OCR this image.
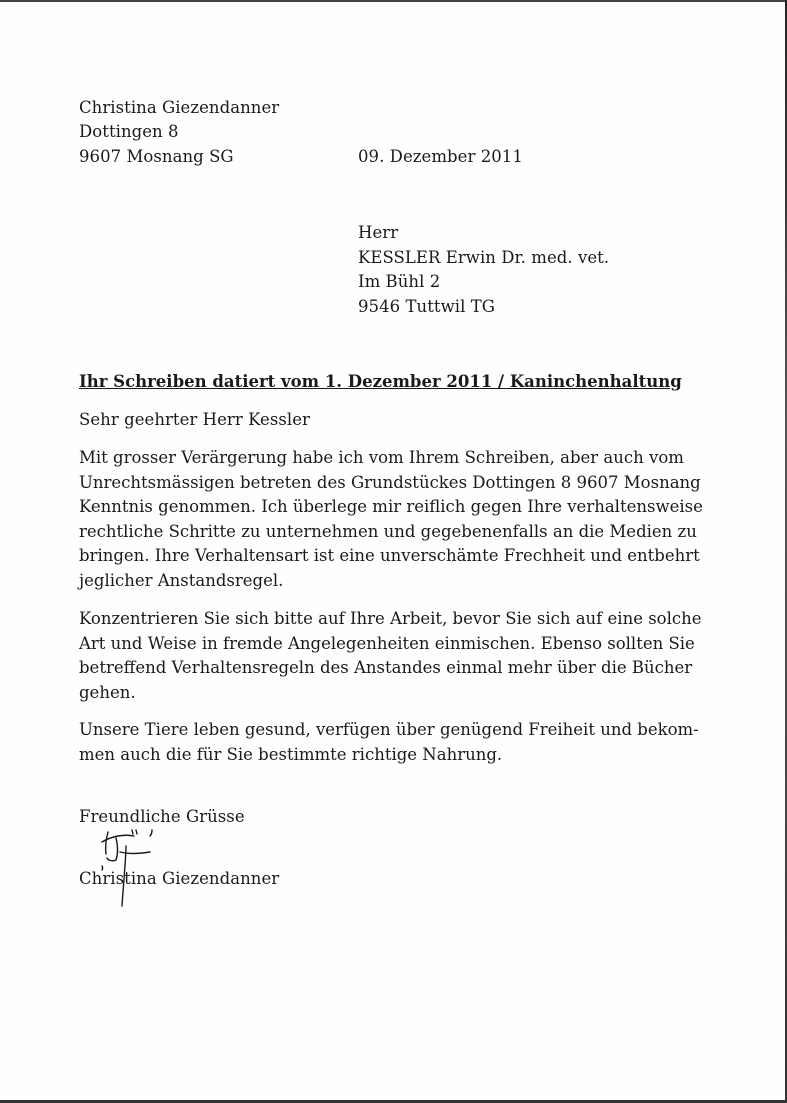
Christina Giezendanner
Dottingen 8
9607 Mosnang SG	09. Dezember 2011
Herr
KESSLER Erwin Dr. med. vet.
Im Bühl 2
9546 Tuttwil TG
Ihr Schreiben datiert vom 1. Dezember 2011 / Kaninchenhaltung
Sehr geehrter Herr Kessler
Mit grosser Verärgerung habe ich vom Ihrem Schreiben, aber auch vom
Unrechtsmässigen betreten des Grundstückes Dottingen 8 9607 Mosnang
Kenntnis genommen. Ich überlege mir reiflich gegen Ihre verhaltensweise
rechtliche Schritte zu unternehmen und gegebenenfalls an die Medien zu
bringen. Ihre Verhaltensart ist eine unverschämte Frechheit und entbehrt
jeglicher Anstandsregel.
Konzentrieren Sie sich bitte auf Ihre Arbeit, bevor Sie sich auf eine solche
Art und Weise in fremde Angelegenheiten einmischen. Ebenso sollten Sie
betreffend Verhaltensregeln des Anstandes einmal mehr über die Bücher
gehen.
Unsere Tiere leben gesund, verfügen über genügend Freiheit und bekom-
men auch die für Sie bestimmte richtige Nahrung.
Freundliche Grüsse
Christina Giezendanner
